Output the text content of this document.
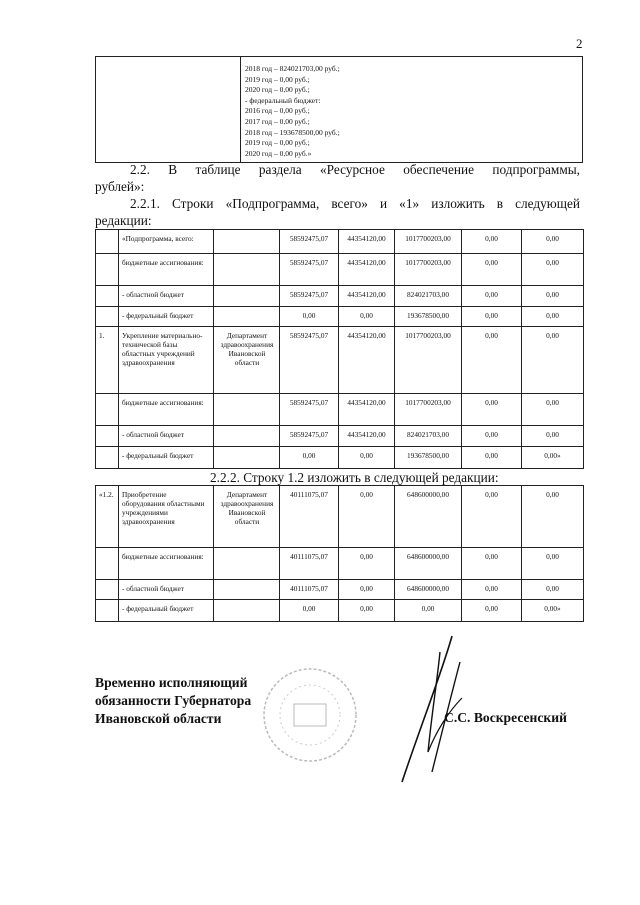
2

2018 год – 824021703,00 руб.;
2019 год – 0,00 руб.;
2020 год – 0,00 руб.;
- федеральный бюджет:
2016 год – 0,00 руб.;
2017 год – 0,00 руб.;
2018 год – 193678500,00 руб.;
2019 год – 0,00 руб.;
2020 год – 0,00 руб.»
2.2. В таблице раздела «Ресурсное обеспечение подпрограммы,
рублей»:
2.2.1. Строки «Подпрограмма, всего» и «1» изложить в следующей
редакции:
	«Подпрограмма, всего:		58592475,07	44354120,00	1017700203,00	0,00	0,00
	бюджетные ассигнования:		58592475,07	44354120,00	1017700203,00	0,00	0,00
	- областной бюджет		58592475,07	44354120,00	824021703,00	0,00	0,00
	- федеральный бюджет		0,00	0,00	193678500,00	0,00	0,00
1.	Укрепление материально-технической базы областных учреждений здравоохранения	Департамент здравоохранения Ивановской области	58592475,07	44354120,00	1017700203,00	0,00	0,00
	бюджетные ассигнования:		58592475,07	44354120,00	1017700203,00	0,00	0,00
	- областной бюджет		58592475,07	44354120,00	824021703,00	0,00	0,00
	- федеральный бюджет		0,00	0,00	193678500,00	0,00	0,00»
2.2.2. Строку 1.2 изложить в следующей редакции:
«1.2.	Приобретение оборудования областными учреждениями здравоохранения	Департамент здравоохранения Ивановской области	40111075,07	0,00	648600000,00	0,00	0,00
	бюджетные ассигнования:		40111075,07	0,00	648600000,00	0,00	0,00
	- областной бюджет		40111075,07	0,00	648600000,00	0,00	0,00
	- федеральный бюджет		0,00	0,00	0,00	0,00	0,00»
Временно исполняющий
обязанности Губернатора
Ивановской области	С.С. Воскресенский
